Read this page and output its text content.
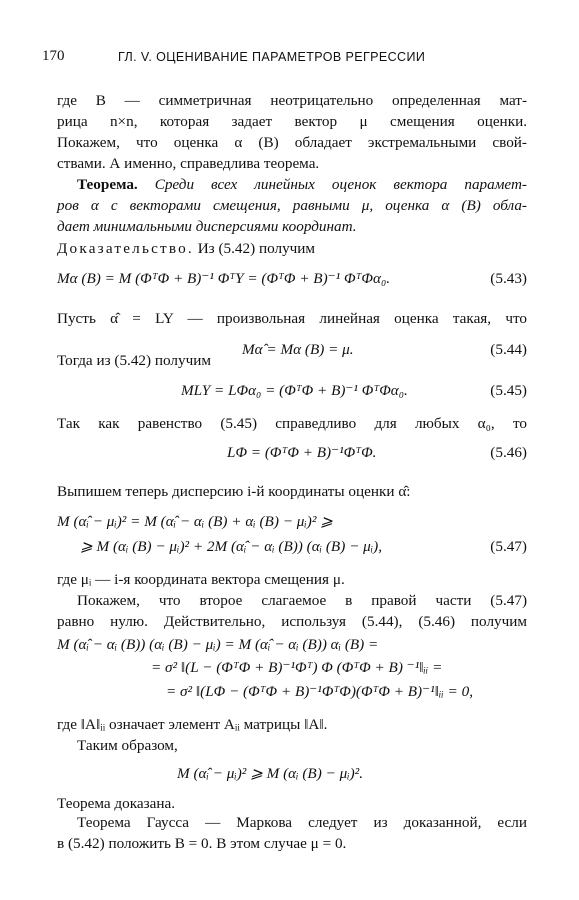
170	ГЛ. V. ОЦЕНИВАНИЕ ПАРАМЕТРОВ РЕГРЕССИИ
где B — симметричная неотрицательно определенная мат-
рица n×n, которая задает вектор μ смещения оценки.
Покажем, что оценка α (B) обладает экстремальными свой-
ствами. А именно, справедлива теорема.
Теорема. Среди всех линейных оценок вектора парамет-
ров α с векторами смещения, равными μ, оценка α (B) обла-
дает минимальными дисперсиями координат.
Доказательство. Из (5.42) получим
Mα (B) = M (ΦᵀΦ + B)⁻¹ ΦᵀY = (ΦᵀΦ + B)⁻¹ ΦᵀΦα₀.	(5.43)
Пусть α̂ = LY — произвольная линейная оценка такая, что
Mα̂ = Mα (B) = μ.	(5.44)
Тогда из (5.42) получим
MLY = LΦα₀ = (ΦᵀΦ + B)⁻¹ ΦᵀΦα₀.	(5.45)
Так как равенство (5.45) справедливо для любых α₀, то
LΦ = (ΦᵀΦ + B)⁻¹ΦᵀΦ.	(5.46)
Выпишем теперь дисперсию i-й координаты оценки α̂:
M (α̂ᵢ − μᵢ)² = M (α̂ᵢ − αᵢ (B) + αᵢ (B) − μᵢ)² ⩾
⩾ M (αᵢ (B) − μᵢ)² + 2M (α̂ᵢ − αᵢ (B)) (αᵢ (B) − μᵢ),	(5.47)
где μᵢ — i-я координата вектора смещения μ.
Покажем, что второе слагаемое в правой части (5.47)
равно нулю. Действительно, используя (5.44), (5.46) получим
M (α̂ᵢ − αᵢ (B)) (αᵢ (B) − μᵢ) = M (α̂ᵢ − αᵢ (B)) αᵢ (B) =
= σ² ‖(L − (ΦᵀΦ + B)⁻¹Φᵀ) Φ (ΦᵀΦ + B) ⁻¹‖ᵢᵢ =
= σ² ‖(LΦ − (ΦᵀΦ + B)⁻¹ΦᵀΦ)(ΦᵀΦ + B)⁻¹‖ᵢᵢ = 0,
где ‖A‖ᵢᵢ означает элемент Aᵢᵢ матрицы ‖A‖.
Таким образом,
M (α̂ᵢ − μᵢ)² ⩾ M (αᵢ (B) − μᵢ)².
Теорема доказана.
Теорема Гаусса — Маркова следует из доказанной, если
в (5.42) положить B = 0. В этом случае μ = 0.
